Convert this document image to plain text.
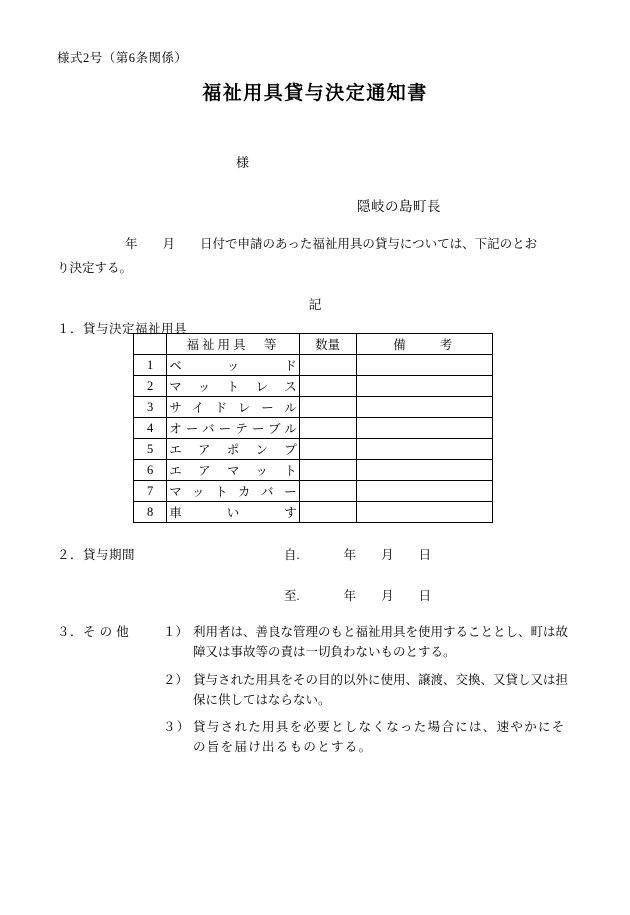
様式2号（第6条関係）
福祉用具貸与決定通知書
様
隠岐の島町長
年　　月　　日付で申請のあった福祉用具の貸与については、下記のとお
り決定する。
記
１．貸与決定福祉用具
	福祉用具　等	数量	備　　考
1	ベッド		
2	マットレス		
3	サイドレール		
4	オーバーテーブル		
5	エアポンプ		
6	エアマット		
7	マットカバー		
8	車いす		
２．貸与期間	自.	年　　月　　日
至.	年　　月　　日
３．そ の 他	１） 利用者は、善良な管理のもと福祉用具を使用することとし、町は故障又は事故等の責は一切負わないものとする。
２） 貸与された用具をその目的以外に使用、譲渡、交換、又貸し又は担保に供してはならない。
３） 貸与された用具を必要としなくなった場合には、速やかにその旨を届け出るものとする。
